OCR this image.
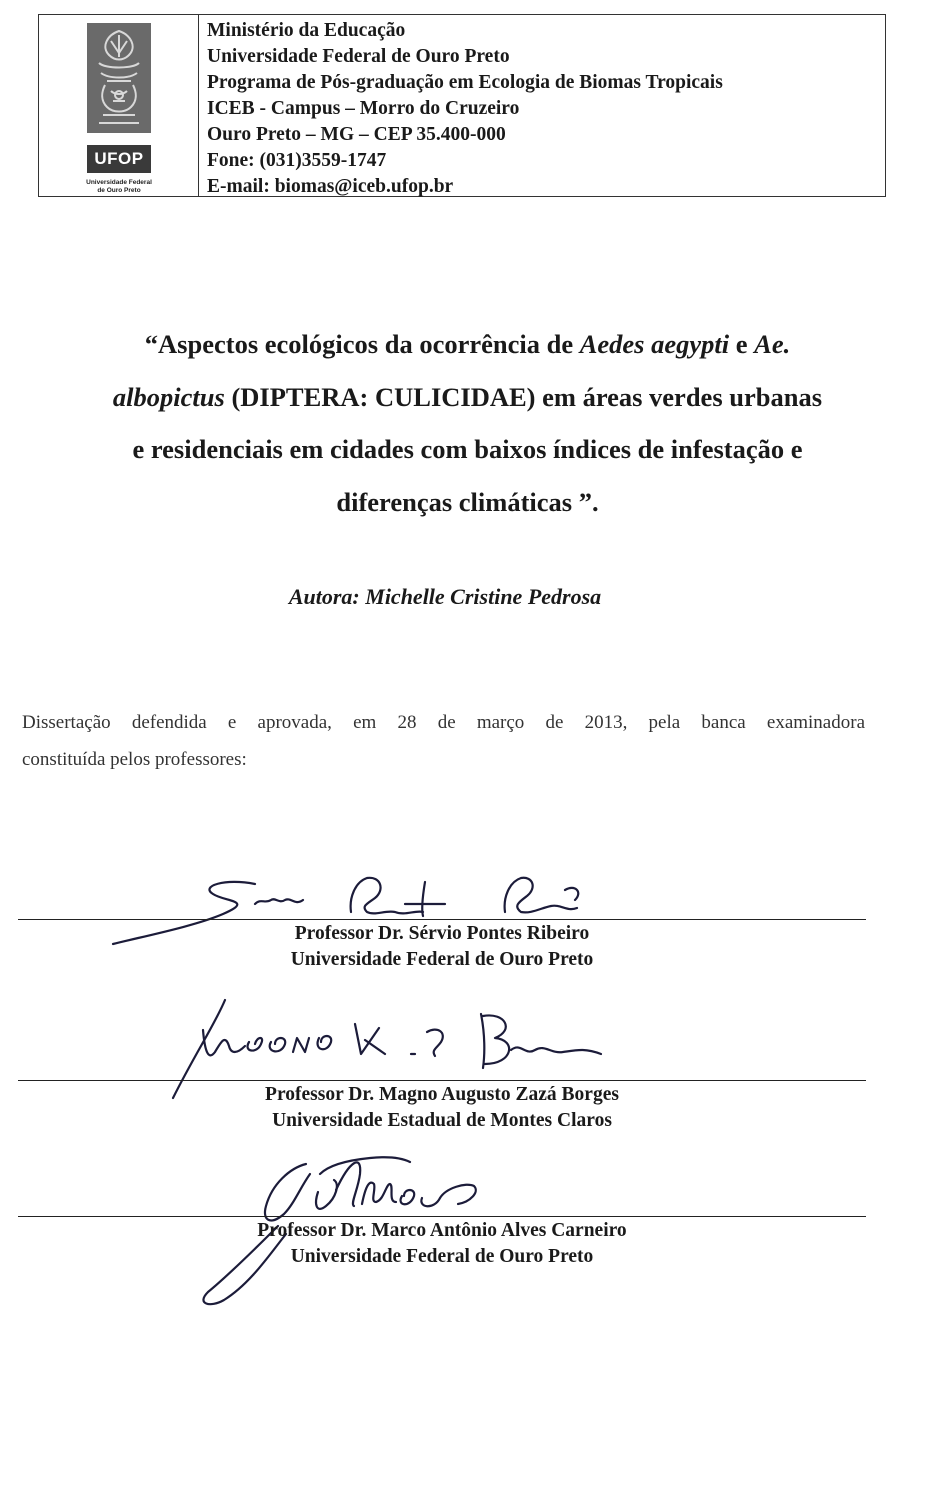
UFOP
Universidade Federal
de Ouro Preto
Ministério da Educação
Universidade Federal de Ouro Preto
Programa de Pós-graduação em Ecologia de Biomas Tropicais
ICEB - Campus – Morro do Cruzeiro
Ouro Preto – MG – CEP 35.400-000
Fone: (031)3559-1747
E-mail: biomas@iceb.ufop.br
“Aspectos ecológicos da ocorrência de Aedes aegypti e Ae.
albopictus (DIPTERA: CULICIDAE) em áreas verdes urbanas
e residenciais em cidades com baixos índices de infestação e
diferenças climáticas ”.
Autora: Michelle Cristine Pedrosa
Dissertação defendida e aprovada, em 28 de março de 2013, pela banca examinadora
constituída pelos professores:
Professor Dr. Sérvio Pontes Ribeiro
Universidade Federal de Ouro Preto
Professor Dr. Magno Augusto Zazá Borges
Universidade Estadual de Montes Claros
Professor Dr. Marco Antônio Alves Carneiro
Universidade Federal de Ouro Preto
